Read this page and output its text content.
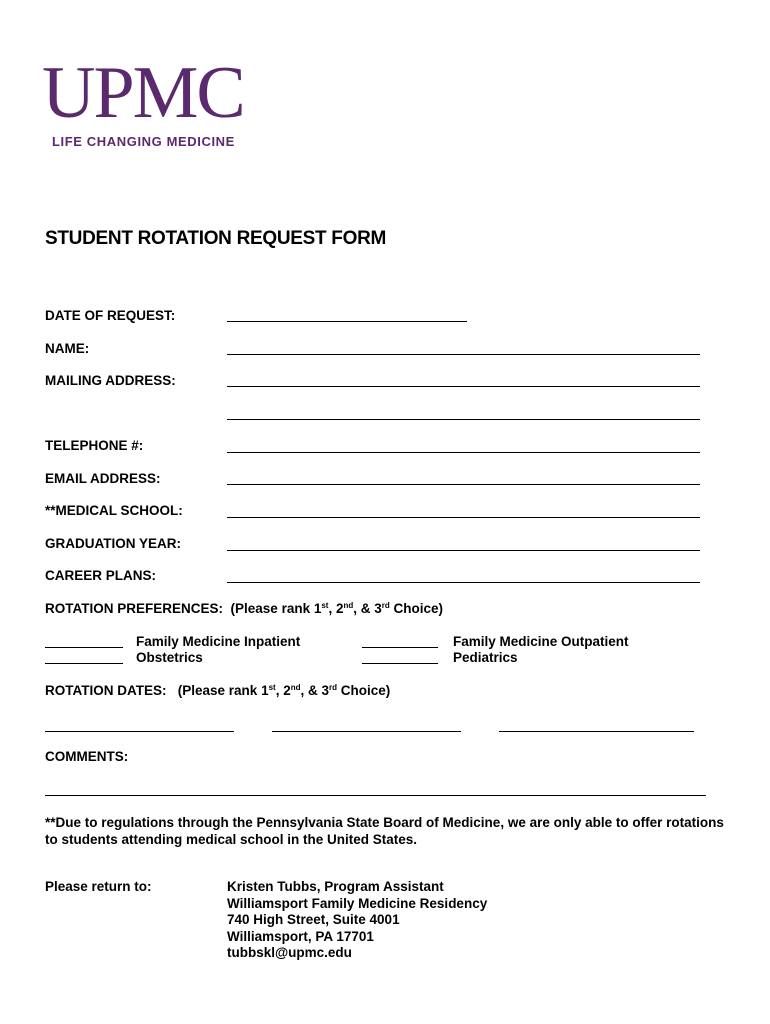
UPMC
LIFE CHANGING MEDICINE
STUDENT ROTATION REQUEST FORM
DATE OF REQUEST:
NAME:
MAILING ADDRESS:
TELEPHONE #:
EMAIL ADDRESS:
**MEDICAL SCHOOL:
GRADUATION YEAR:
CAREER PLANS:
ROTATION PREFERENCES: (Please rank 1st, 2nd, & 3rd Choice)
Family Medicine Inpatient
Obstetrics
Family Medicine Outpatient
Pediatrics
ROTATION DATES: (Please rank 1st, 2nd, & 3rd Choice)
COMMENTS:
**Due to regulations through the Pennsylvania State Board of Medicine, we are only able to offer rotations to students attending medical school in the United States.
Please return to:	Kristen Tubbs, Program Assistant
Williamsport Family Medicine Residency
740 High Street, Suite 4001
Williamsport, PA 17701
tubbskl@upmc.edu
